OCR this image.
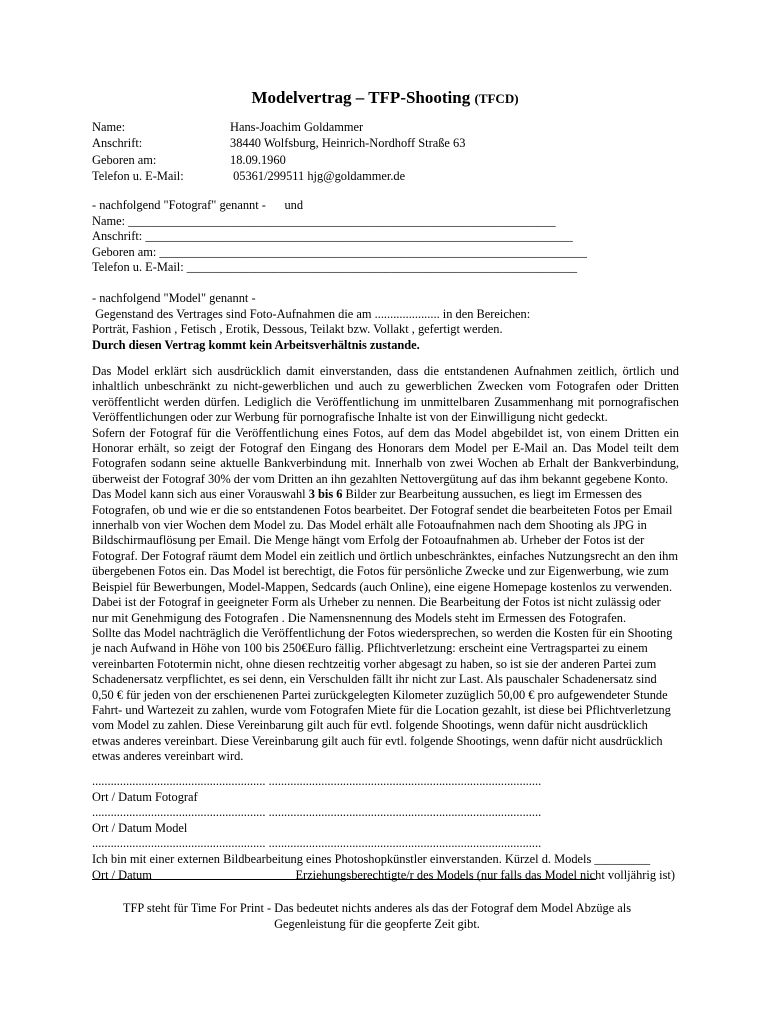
Modelvertrag – TFP-Shooting (TFCD)
Name:	Hans-Joachim Goldammer
Anschrift:	38440 Wolfsburg, Heinrich-Nordhoff Straße 63
Geboren am:	18.09.1960
Telefon u. E-Mail:	05361/299511 hjg@goldammer.de
- nachfolgend "Fotograf" genannt -      und
Name: _____________________________________________________________________
Anschrift: _____________________________________________________________________
Geboren am: _____________________________________________________________________
Telefon u. E-Mail: _______________________________________________________________
- nachfolgend "Model" genannt -
Gegenstand des Vertrages sind Foto-Aufnahmen die am ..................... in den Bereichen:
Porträt, Fashion , Fetisch , Erotik, Dessous, Teilakt bzw. Vollakt , gefertigt werden.
Durch diesen Vertrag kommt kein Arbeitsverhältnis zustande.

Das Model erklärt sich ausdrücklich damit einverstanden, dass die entstandenen Aufnahmen zeitlich, örtlich und inhaltlich unbeschränkt zu nicht-gewerblichen und auch zu gewerblichen Zwecken vom Fotografen oder Dritten veröffentlicht werden dürfen. Lediglich die Veröffentlichung im unmittelbaren Zusammenhang mit pornografischen Veröffentlichungen oder zur Werbung für pornografische Inhalte ist von der Einwilligung nicht gedeckt.

Sofern der Fotograf für die Veröffentlichung eines Fotos, auf dem das Model abgebildet ist, von einem Dritten ein Honorar erhält, so zeigt der Fotograf den Eingang des Honorars dem Model per E-Mail an. Das Model teilt dem Fotografen sodann seine aktuelle Bankverbindung mit. Innerhalb von zwei Wochen ab Erhalt der Bankverbindung, überweist der Fotograf 30% der vom Dritten an ihn gezahlten Nettovergütung auf das ihm bekannt gegebene Konto.

Das Model kann sich aus einer Vorauswahl 3 bis 6 Bilder zur Bearbeitung aussuchen, es liegt im Ermessen des Fotografen, ob und wie er die so entstandenen Fotos bearbeitet. Der Fotograf sendet die bearbeiteten Fotos per Email innerhalb von vier Wochen dem Model zu. Das Model erhält alle Fotoaufnahmen nach dem Shooting als JPG in Bildschirmauflösung per Email. Die Menge hängt vom Erfolg der Fotoaufnahmen ab. Urheber der Fotos ist der Fotograf. Der Fotograf räumt dem Model ein zeitlich und örtlich unbeschränktes, einfaches Nutzungsrecht an den ihm übergebenen Fotos ein. Das Model ist berechtigt, die Fotos für persönliche Zwecke und zur Eigenwerbung, wie zum Beispiel für Bewerbungen, Model-Mappen, Sedcards (auch Online), eine eigene Homepage kostenlos zu verwenden. Dabei ist der Fotograf in geeigneter Form als Urheber zu nennen. Die Bearbeitung der Fotos ist nicht zulässig oder nur mit Genehmigung des Fotografen . Die Namensnennung des Models steht im Ermessen des Fotografen.

Sollte das Model nachträglich die Veröffentlichung der Fotos wiedersprechen, so werden die Kosten für ein Shooting je nach Aufwand in Höhe von 100 bis 250€Euro fällig. Pflichtverletzung: erscheint eine Vertragspartei zu einem vereinbarten Fototermin nicht, ohne diesen rechtzeitig vorher abgesagt zu haben, so ist sie der anderen Partei zum Schadenersatz verpflichtet, es sei denn, ein Verschulden fällt ihr nicht zur Last. Als pauschaler Schadenersatz sind 0,50 € für jeden von der erschienenen Partei zurückgelegten Kilometer zuzüglich 50,00 € pro aufgewendeter Stunde Fahrt- und Wartezeit zu zahlen, wurde vom Fotografen Miete für die Location gezahlt, ist diese bei Pflichtverletzung vom Model zu zahlen. Diese Vereinbarung gilt auch für evtl. folgende Shootings, wenn dafür nicht ausdrücklich etwas anderes vereinbart. Diese Vereinbarung gilt auch für evtl. folgende Shootings, wenn dafür nicht ausdrücklich etwas anderes vereinbart wird.

........................................................ ........................................................................................
Ort / Datum Fotograf
........................................................ ........................................................................................
Ort / Datum Model
........................................................ ........................................................................................
Ich bin mit einer externen Bildbearbeitung eines Photoshopkünstler einverstanden. Kürzel d. Models _________
Ort / Datum	Erziehungsberechtigte/r des Models (nur falls das Model nicht volljährig ist)
TFP steht für Time For Print - Das bedeutet nichts anderes als das der Fotograf dem Model Abzüge als
Gegenleistung für die geopferte Zeit gibt.
